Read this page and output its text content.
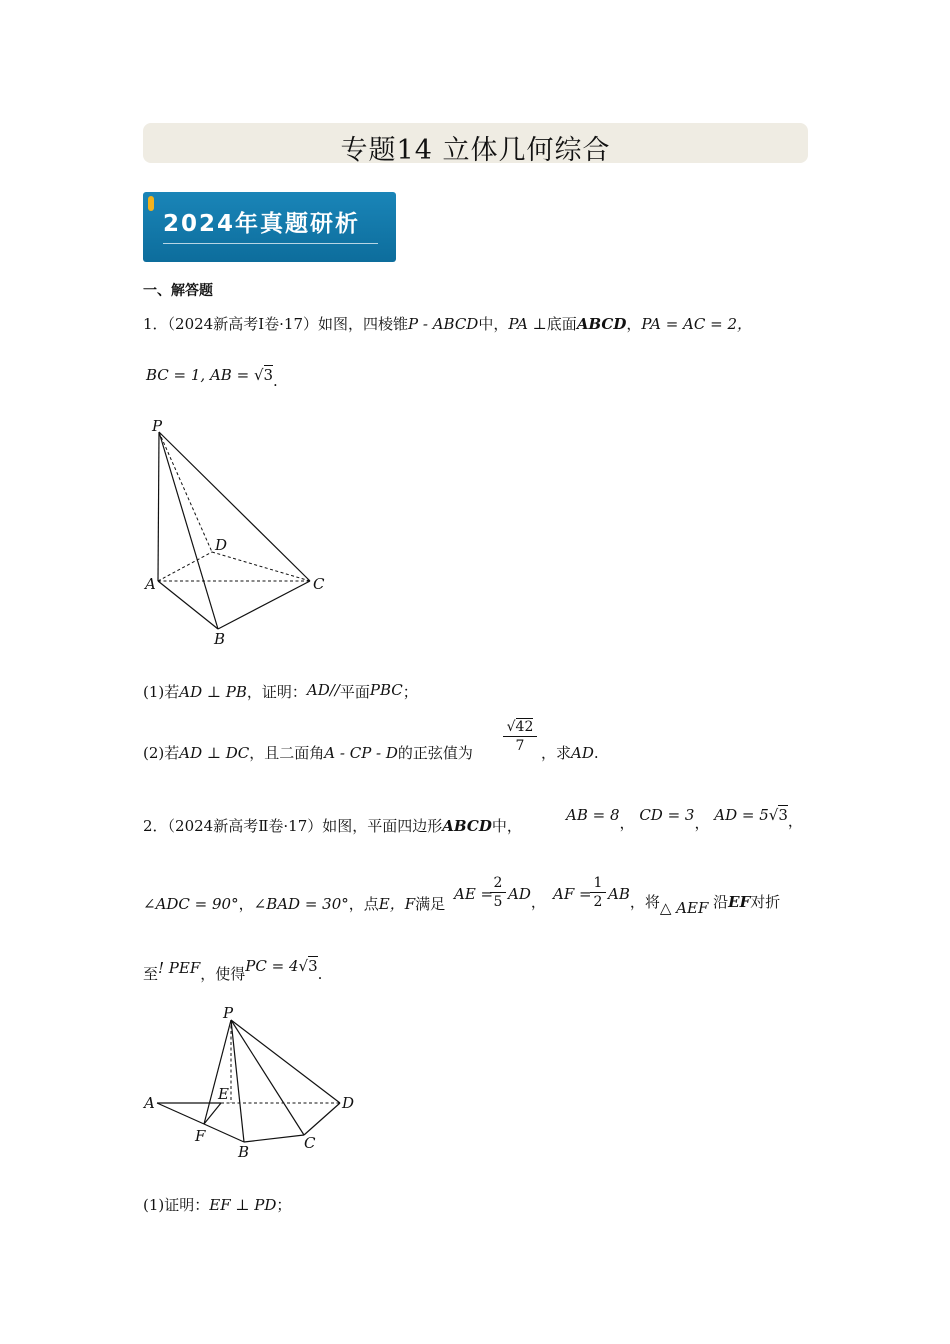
专题14 立体几何综合
2024年真题研析
一、解答题
1．（2024新高考Ⅰ卷·17）如图，四棱锥P - ABCD中，PA ⊥底面ABCD，PA = AC = 2，
BC = 1, AB = √3.
P
D
A	C
B
(1)若AD ⊥ PB，证明：AD//平面PBC；
(2)若AD ⊥ DC，且二面角A - CP - D的正弦值为 $\frac{√42}{7}$ ，求AD.
2．（2024新高考Ⅱ卷·17）如图，平面四边形ABCD中，
AB = 8， CD = 3， AD = 5√3，
∠ADC = 90°，∠BAD = 30°，点E，F满足
AE =
$\frac{2}{5}$ AD， AF =
$\frac{1}{2}$ AB，将△ AEF 沿EF对折
至! PEF，使得PC = 4√3.
P
E
A	D
F	C
B
(1)证明：EF ⊥ PD；
